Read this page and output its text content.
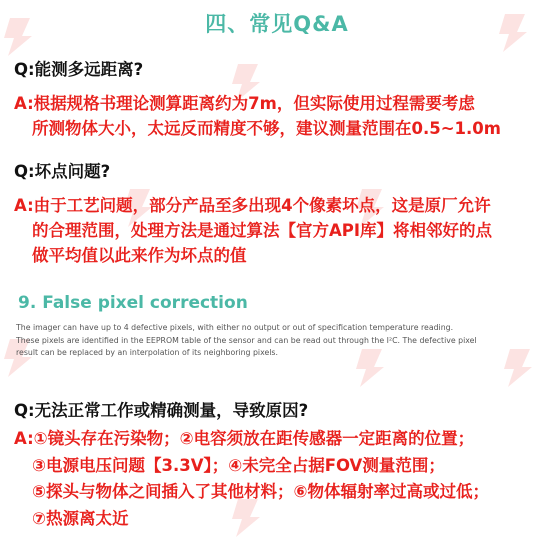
四、常见Q&A
Q:能测多远距离?
A:根据规格书理论测算距离约为7m，但实际使用过程需要考虑
所测物体大小，太远反而精度不够，建议测量范围在0.5~1.0m
Q:坏点问题?
A:由于工艺问题，部分产品至多出现4个像素坏点，这是原厂允许
的合理范围，处理方法是通过算法【官方API库】将相邻好的点
做平均值以此来作为坏点的值
9. False pixel correction
The imager can have up to 4 defective pixels, with either no output or out of specification temperature reading.
These pixels are identified in the EEPROM table of the sensor and can be read out through the I²C. The defective pixel
result can be replaced by an interpolation of its neighboring pixels.
Q:无法正常工作或精确测量，导致原因?
A:①镜头存在污染物；②电容须放在距传感器一定距离的位置；
③电源电压问题【3.3V】；④未完全占据FOV测量范围；
⑤探头与物体之间插入了其他材料；⑥物体辐射率过高或过低；
⑦热源离太近
